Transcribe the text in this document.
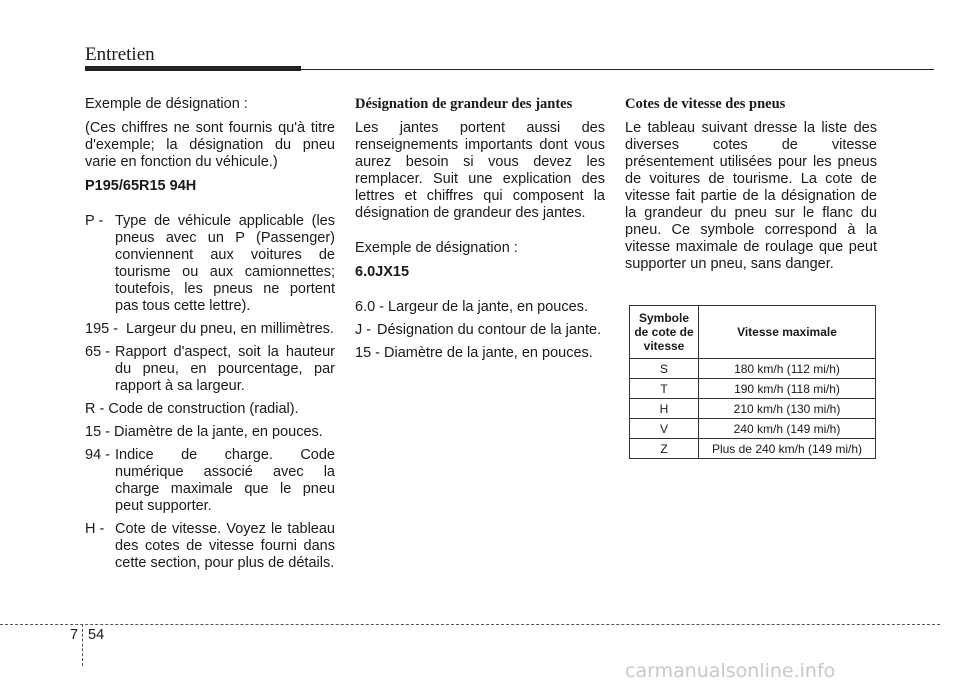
Entretien

Exemple de désignation :

(Ces chiffres ne sont fournis qu'à titre d'exemple; la désignation du pneu varie en fonction du véhicule.)

P195/65R15 94H

P - Type de véhicule applicable (les pneus avec un P (Passenger) conviennent aux voitures de tourisme ou aux camionnettes; toutefois, les pneus ne portent pas tous cette lettre).
195 - Largeur du pneu, en millimètres.
65 - Rapport d'aspect, soit la hauteur du pneu, en pourcentage, par rapport à sa largeur.
R - Code de construction (radial).
15 - Diamètre de la jante, en pouces.
94 - Indice de charge. Code numérique associé avec la charge maximale que le pneu peut supporter.
H - Cote de vitesse. Voyez le tableau des cotes de vitesse fourni dans cette section, pour plus de détails.

Désignation de grandeur des jantes

Les jantes portent aussi des renseignements importants dont vous aurez besoin si vous devez les remplacer. Suit une explication des lettres et chiffres qui composent la désignation de grandeur des jantes.

Exemple de désignation :

6.0JX15

6.0 - Largeur de la jante, en pouces.
J - Désignation du contour de la jante.
15 - Diamètre de la jante, en pouces.

Cotes de vitesse des pneus

Le tableau suivant dresse la liste des diverses cotes de vitesse présentement utilisées pour les pneus de voitures de tourisme. La cote de vitesse fait partie de la désignation de la grandeur du pneu sur le flanc du pneu. Ce symbole correspond à la vitesse maximale de roulage que peut supporter un pneu, sans danger.

Symbole de cote de vitesse	Vitesse maximale
S	180 km/h (112 mi/h)
T	190 km/h (118 mi/h)
H	210 km/h (130 mi/h)
V	240 km/h (149 mi/h)
Z	Plus de 240 km/h (149 mi/h)
7 54
carmanualsonline.info
